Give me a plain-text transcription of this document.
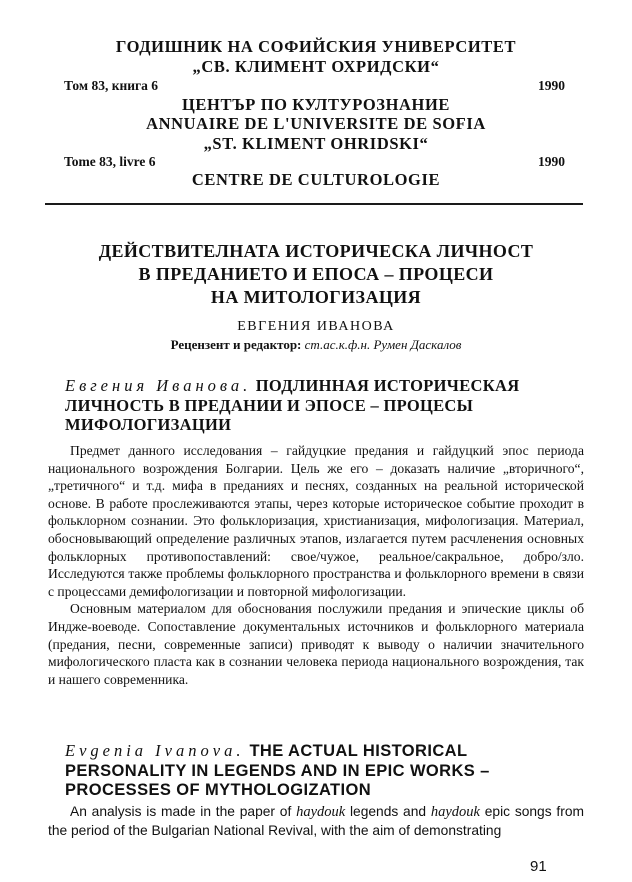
ГОДИШНИК НА СОФИЙСКИЯ УНИВЕРСИТЕТ
„СВ. КЛИМЕНТ ОХРИДСКИ“
Том 83, книга 6	1990
ЦЕНТЪР ПО КУЛТУРОЗНАНИЕ
ANNUAIRE DE L'UNIVERSITE DE SOFIA
„ST. KLIMENT OHRIDSKI“
Tome 83, livre 6	1990
CENTRE DE CULTUROLOGIE
ДЕЙСТВИТЕЛНАТА ИСТОРИЧЕСКА ЛИЧНОСТ
В ПРЕДАНИЕТО И ЕПОСА – ПРОЦЕСИ
НА МИТОЛОГИЗАЦИЯ
ЕВГЕНИЯ ИВАНОВА
Рецензент и редактор: ст.ас.к.ф.н. Румен Даскалов
Евгения Иванова. ПОДЛИННАЯ ИСТОРИЧЕСКАЯ
ЛИЧНОСТЬ В ПРЕДАНИИ И ЭПОСЕ – ПРОЦЕСЫ
МИФОЛОГИЗАЦИИ

Предмет данного исследования – гайдуцкие предания и гайдуцкий эпос периода национального возрождения Болгарии. Цель же его – доказать наличие „вторичного“, „третичного“ и т.д. мифа в преданиях и песнях, созданных на реальной исторической основе. В работе прослеживаются этапы, через которые историческое событие проходит в фольклорном сознании. Это фольклоризация, христианизация, мифологизация. Материал, обосновывающий определение различных этапов, излагается путем расчленения основных фольклорных противопоставлений: свое/чужое, реальное/сакральное, добро/зло. Исследуются также проблемы фольклорного пространства и фольклорного времени в связи с процессами демифологизации и повторной мифологизации.

Основным материалом для обоснования послужили предания и эпические циклы об Индже-воеводе. Сопоставление документальных источников и фольклорного материала (предания, песни, современные записи) приводят к выводу о наличии значительного мифологического пласта как в сознании человека периода национального возрождения, так и нашего современника.

Evgenia Ivanova. THE ACTUAL HISTORICAL
PERSONALITY IN LEGENDS AND IN EPIC WORKS –
PROCESSES OF MYTHOLOGIZATION

An analysis is made in the paper of haydouk legends and haydouk epic songs from the period of the Bulgarian National Revival, with the aim of demonstrating

91
